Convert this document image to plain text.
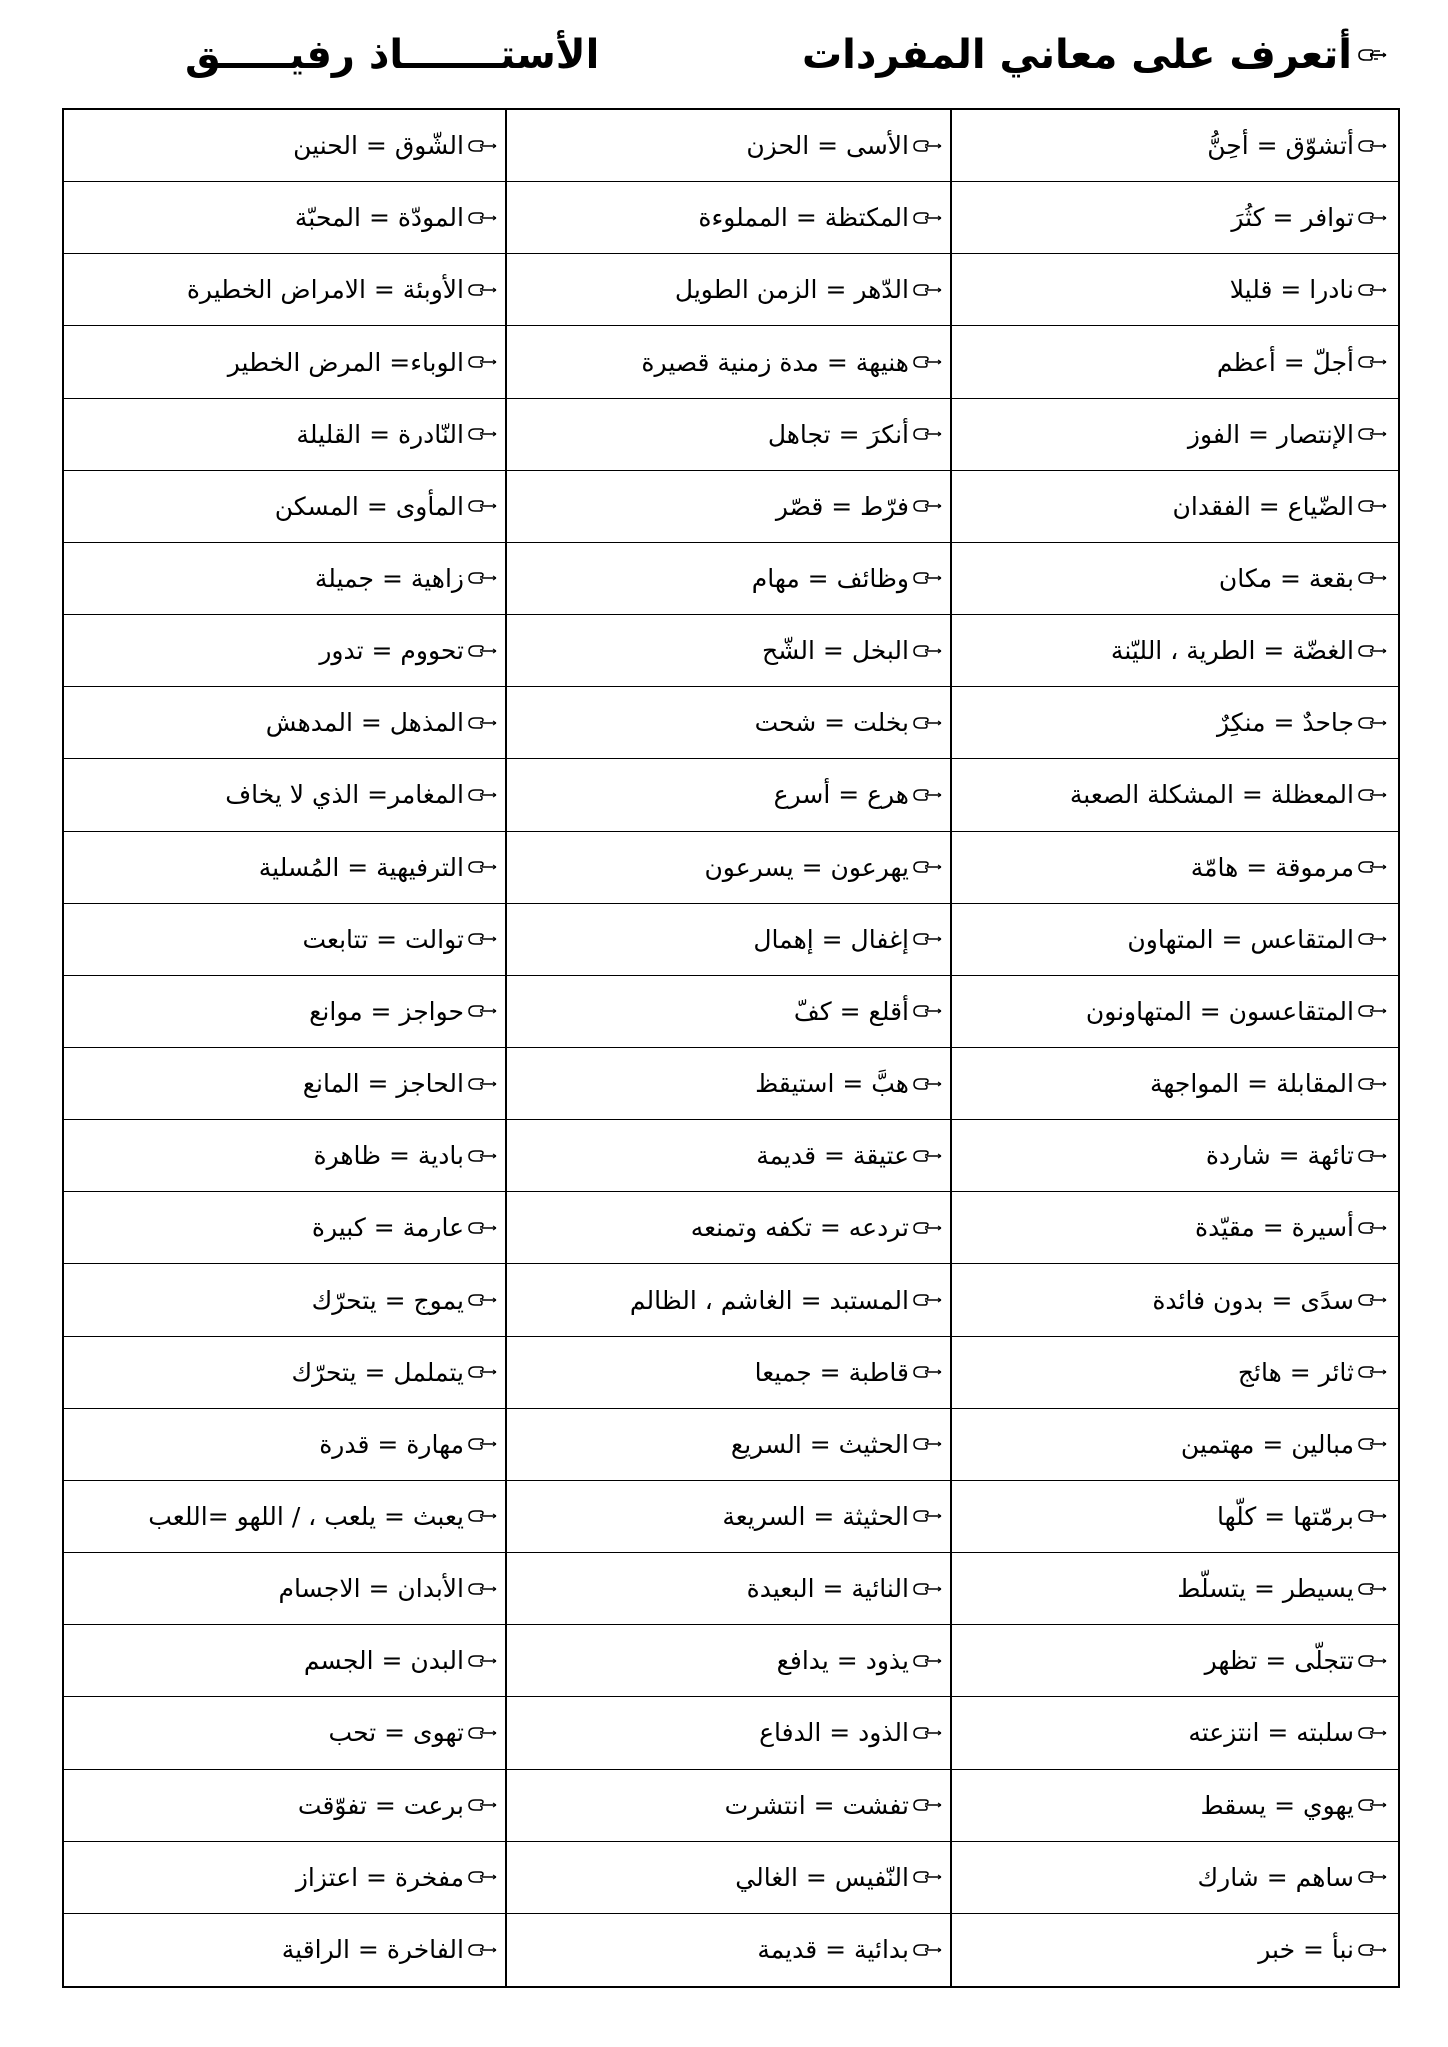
أتعرف على معاني المفردات
الأستـــــــاذ رفيـــــق
أتشوّق = أحِنُّ
الأسى = الحزن
الشّوق = الحنين
توافر = كثُرَ
المكتظة = المملوءة
المودّة = المحبّة
نادرا = قليلا
الدّهر = الزمن الطويل
الأوبئة = الامراض الخطيرة
أجلّ = أعظم
هنيهة = مدة زمنية قصيرة
الوباء= المرض الخطير
الإنتصار = الفوز
أنكرَ = تجاهل
النّادرة = القليلة
الضّياع = الفقدان
فرّط = قصّر
المأوى = المسكن
بقعة = مكان
وظائف = مهام
زاهية = جميلة
الغضّة = الطرية ، الليّنة
البخل = الشّح
تحووم = تدور
جاحدٌ = منكِرٌ
بخلت = شحت
المذهل = المدهش
المعظلة = المشكلة الصعبة
هرع = أسرع
المغامر= الذي لا يخاف
مرموقة = هامّة
يهرعون = يسرعون
الترفيهية = المُسلية
المتقاعس = المتهاون
إغفال = إهمال
توالت = تتابعت
المتقاعسون = المتهاونون
أقلع = كفّ
حواجز = موانع
المقابلة = المواجهة
هبَّ = استيقظ
الحاجز = المانع
تائهة = شاردة
عتيقة = قديمة
بادية = ظاهرة
أسيرة = مقيّدة
تردعه = تكفه وتمنعه
عارمة = كبيرة
سدًى = بدون فائدة
المستبد = الغاشم ، الظالم
يموج = يتحرّك
ثائر = هائج
قاطبة = جميعا
يتململ = يتحرّك
مبالين = مهتمين
الحثيث = السريع
مهارة = قدرة
برمّتها = كلّها
الحثيثة = السريعة
يعبث = يلعب ، / اللهو =اللعب
يسيطر = يتسلّط
النائية = البعيدة
الأبدان = الاجسام
تتجلّى = تظهر
يذود = يدافع
البدن = الجسم
سلبته = انتزعته
الذود = الدفاع
تهوى = تحب
يهوي = يسقط
تفشت = انتشرت
برعت = تفوّقت
ساهم = شارك
النّفيس = الغالي
مفخرة = اعتزاز
نبأ = خبر
بدائية = قديمة
الفاخرة = الراقية
